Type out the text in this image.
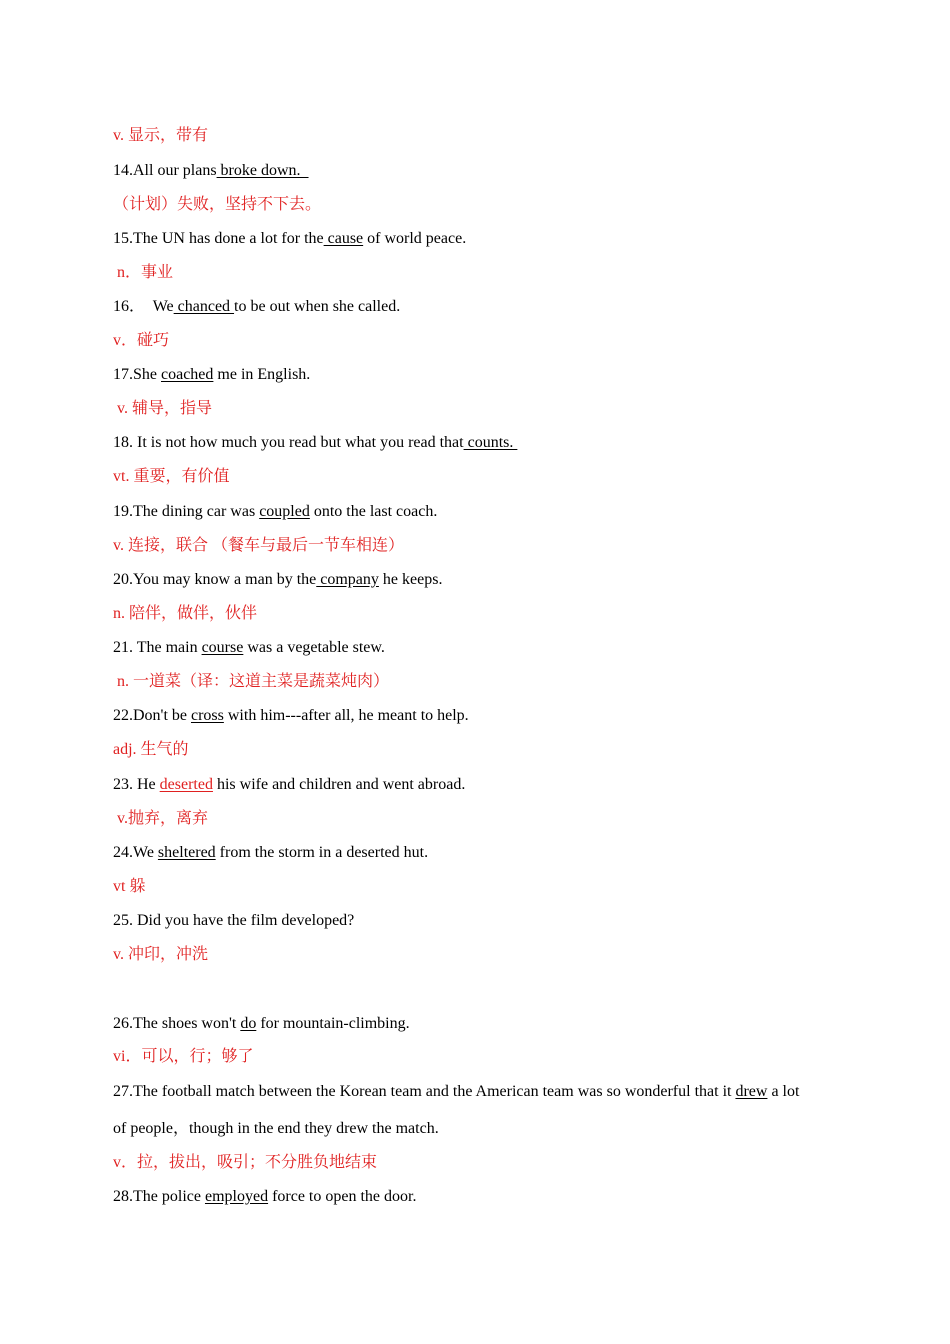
v. 显示，带有
14.All our plans broke down.
（计划）失败，坚持不下去。
15.The UN has done a lot for the cause of world peace.
n．事业
16．  We chanced to be out when she called.
v．碰巧
17.She coached me in English.
v. 辅导，指导
18. It is not how much you read but what you read that counts.
vt. 重要，有价值
19.The dining car was coupled onto the last coach.
v. 连接，联合 （餐车与最后一节车相连）
20.You may know a man by the company he keeps.
n. 陪伴，做伴，伙伴
21. The main course was a vegetable stew.
n. 一道菜（译：这道主菜是蔬菜炖肉）
22.Don't be cross with him---after all, he meant to help.
adj. 生气的
23. He deserted his wife and children and went abroad.
v.抛弃，离弃
24.We sheltered from the storm in a deserted hut.
vt 躲
25. Did you have the film developed?
v. 冲印，冲洗
26.The shoes won't do for mountain-climbing.
vi．可以，行；够了
27.The football match between the Korean team and the American team was so wonderful that it drew a lot
of people，though in the end they drew the match.
v．拉，拔出，吸引；不分胜负地结束
28.The police employed force to open the door.
